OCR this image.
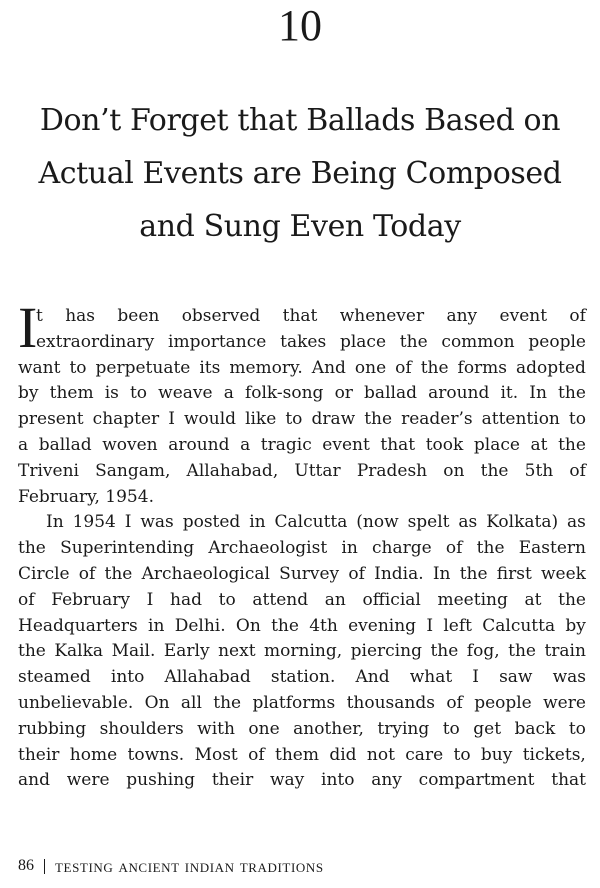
10
Don’t Forget that Ballads Based on
Actual Events are Being Composed
and Sung Even Today
I
t has been observed that whenever any event of
extraordinary importance takes place the common people
want to perpetuate its memory. And one of the forms adopted
by them is to weave a folk-song or ballad around it. In the
present chapter I would like to draw the reader’s attention to
a ballad woven around a tragic event that took place at the
Triveni Sangam, Allahabad, Uttar Pradesh on the 5th of
February, 1954.
In 1954 I was posted in Calcutta (now spelt as Kolkata) as
the Superintending Archaeologist in charge of the Eastern
Circle of the Archaeological Survey of India. In the first week
of February I had to attend an official meeting at the
Headquarters in Delhi. On the 4th evening I left Calcutta by
the Kalka Mail. Early next morning, piercing the fog, the train
steamed into Allahabad station. And what I saw was
unbelievable. On all the platforms thousands of people were
rubbing shoulders with one another, trying to get back to
their home towns. Most of them did not care to buy tickets,
and were pushing their way into any compartment that
86 testing ancient indian traditions
